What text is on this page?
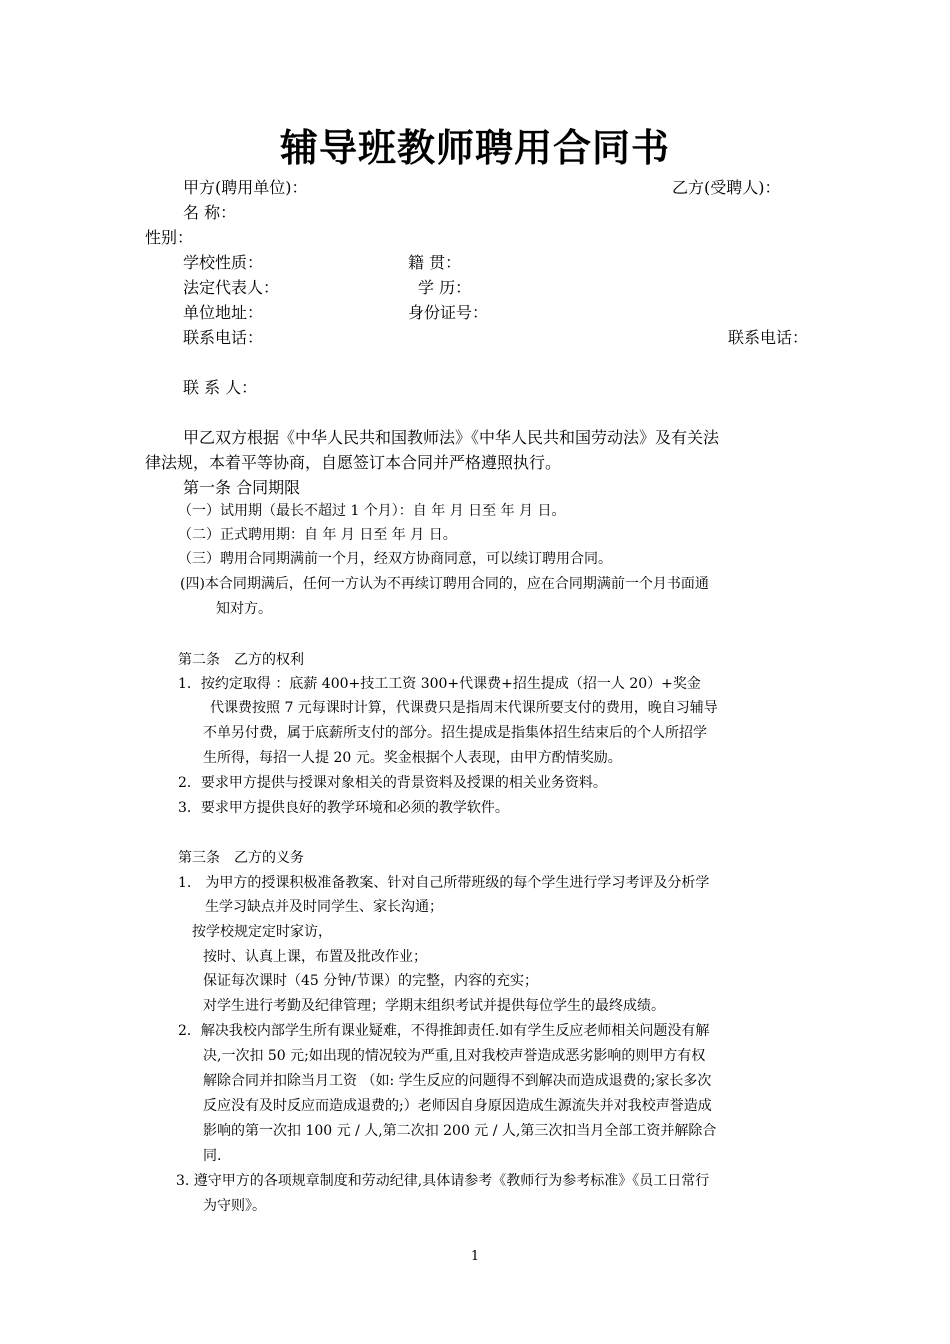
辅导班教师聘用合同书
甲方(聘用单位)：	乙方(受聘人)：
名 称：
性别：
学校性质：	籍 贯：
法定代表人：	学 历：
单位地址：	身份证号：
联系电话：	联系电话：
联 系 人：
甲乙双方根据《中华人民共和国教师法》《中华人民共和国劳动法》及有关法
律法规，本着平等协商，自愿签订本合同并严格遵照执行。
第一条 合同期限
（一）试用期（最长不超过 1 个月）：自 年 月 日至 年 月 日。
（二）正式聘用期：自 年 月 日至 年 月 日。
（三）聘用合同期满前一个月，经双方协商同意，可以续订聘用合同。
(四)本合同期满后，任何一方认为不再续订聘用合同的，应在合同期满前一个月书面通
知对方。
第二条　乙方的权利
1．按约定取得 ：底薪 400+技工工资 300+代课费+招生提成（招一人 20）+奖金
代课费按照 7 元每课时计算，代课费只是指周末代课所要支付的费用，晚自习辅导
不单另付费，属于底薪所支付的部分。招生提成是指集体招生结束后的个人所招学
生所得，每招一人提 20 元。奖金根据个人表现，由甲方酌情奖励。
2．要求甲方提供与授课对象相关的背景资料及授课的相关业务资料。
3．要求甲方提供良好的教学环境和必须的教学软件。
第三条　乙方的义务
1.　为甲方的授课积极准备教案、针对自己所带班级的每个学生进行学习考评及分析学
生学习缺点并及时同学生、家长沟通；
按学校规定定时家访，
按时、认真上课，布置及批改作业；
保证每次课时（45 分钟/节课）的完整，内容的充实；
对学生进行考勤及纪律管理；学期末组织考试并提供每位学生的最终成绩。
2．解决我校内部学生所有课业疑难，不得推卸责任.如有学生反应老师相关问题没有解
决,一次扣 50 元;如出现的情况较为严重,且对我校声誉造成恶劣影响的则甲方有权
解除合同并扣除当月工资 （如: 学生反应的问题得不到解决而造成退费的;家长多次
反应没有及时反应而造成退费的;）老师因自身原因造成生源流失并对我校声誉造成
影响的第一次扣 100 元 / 人,第二次扣 200 元 / 人,第三次扣当月全部工资并解除合
同.
3. 遵守甲方的各项规章制度和劳动纪律,具体请参考《教师行为参考标准》《员工日常行
为守则》。
1
